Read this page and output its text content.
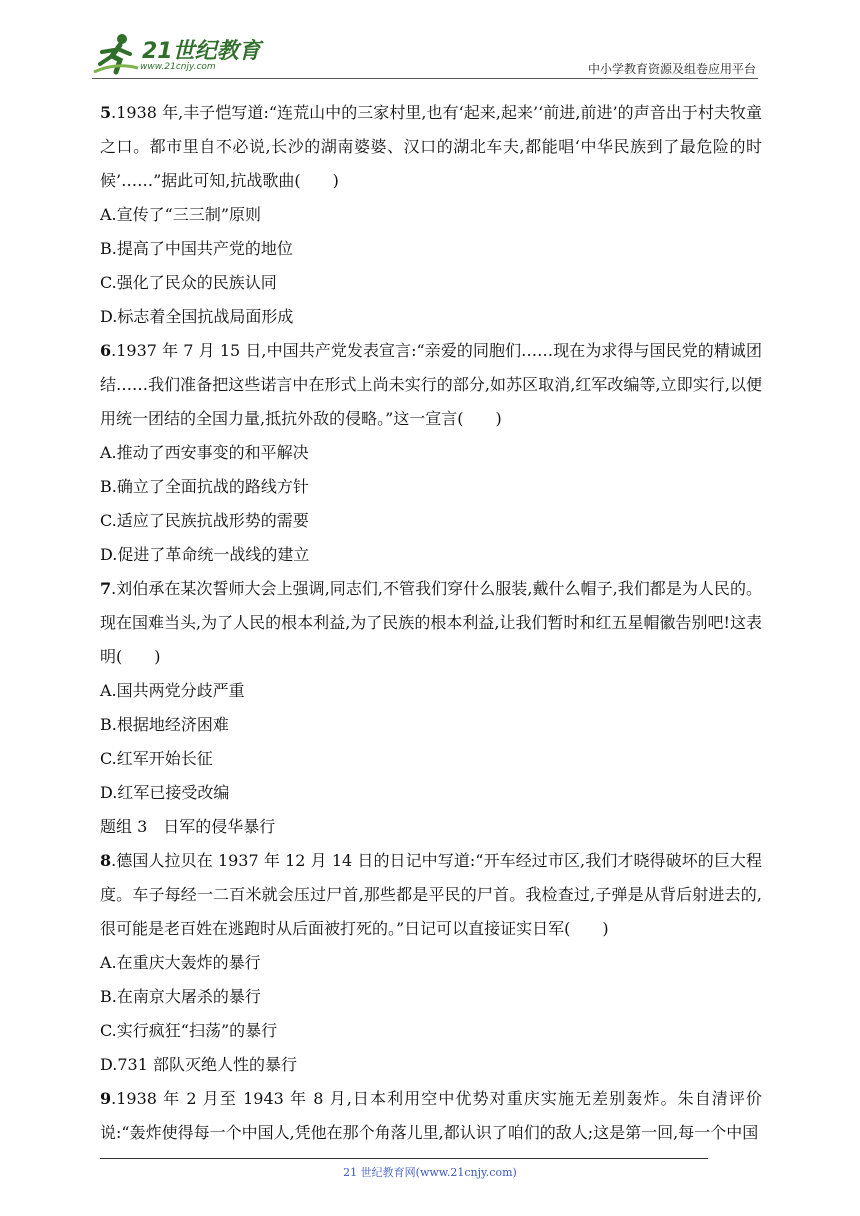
21世纪教育
www.21cnjy.com	中小学教育资源及组卷应用平台

5.1938 年,丰子恺写道:“连荒山中的三家村里,也有‘起来,起来’‘前进,前进’的声音出于村夫牧童之口。都市里自不必说,长沙的湖南婆婆、汉口的湖北车夫,都能唱‘中华民族到了最危险的时候’……”据此可知,抗战歌曲(　　)

A.宣传了“三三制”原则

B.提高了中国共产党的地位

C.强化了民众的民族认同

D.标志着全国抗战局面形成

6.1937 年 7 月 15 日,中国共产党发表宣言:“亲爱的同胞们……现在为求得与国民党的精诚团结……我们准备把这些诺言中在形式上尚未实行的部分,如苏区取消,红军改编等,立即实行,以便用统一团结的全国力量,抵抗外敌的侵略。”这一宣言(　　)

A.推动了西安事变的和平解决

B.确立了全面抗战的路线方针

C.适应了民族抗战形势的需要

D.促进了革命统一战线的建立

7.刘伯承在某次誓师大会上强调,同志们,不管我们穿什么服装,戴什么帽子,我们都是为人民的。现在国难当头,为了人民的根本利益,为了民族的根本利益,让我们暂时和红五星帽徽告别吧!这表明(　　)

A.国共两党分歧严重

B.根据地经济困难

C.红军开始长征

D.红军已接受改编

题组 3　日军的侵华暴行

8.德国人拉贝在 1937 年 12 月 14 日的日记中写道:“开车经过市区,我们才晓得破坏的巨大程度。车子每经一二百米就会压过尸首,那些都是平民的尸首。我检查过,子弹是从背后射进去的,很可能是老百姓在逃跑时从后面被打死的。”日记可以直接证实日军(　　)

A.在重庆大轰炸的暴行

B.在南京大屠杀的暴行

C.实行疯狂“扫荡”的暴行

D.731 部队灭绝人性的暴行

9.1938 年 2 月至 1943 年 8 月,日本利用空中优势对重庆实施无差别轰炸。朱自清评价说:“轰炸使得每一个中国人,凭他在那个角落儿里,都认识了咱们的敌人;这是第一回,每一个中国

21 世纪教育网(www.21cnjy.com)
